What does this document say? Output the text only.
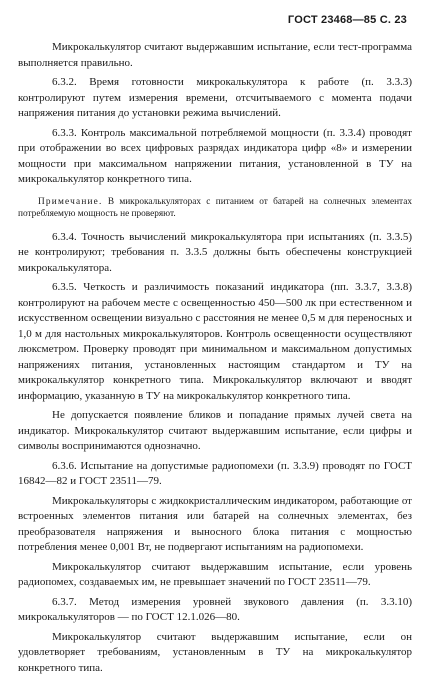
ГОСТ 23468—85 С. 23

Микрокалькулятор считают выдержавшим испытание, если тест-программа выполняется правильно.

6.3.2. Время готовности микрокалькулятора к работе (п. 3.3.3) контролируют путем измерения времени, отсчитываемого с момента подачи напряжения питания до установки режима вычислений.

6.3.3. Контроль максимальной потребляемой мощности (п. 3.3.4) проводят при отображении во всех цифровых разрядах индикатора цифр «8» и измерении мощности при максимальном напряжении питания, установленной в ТУ на микрокалькулятор конкретного типа.

Примечание. В микрокалькуляторах с питанием от батарей на солнечных элементах потребляемую мощность не проверяют.

6.3.4. Точность вычислений микрокалькулятора при испытаниях (п. 3.3.5) не контролируют; требования п. 3.3.5 должны быть обеспечены конструкцией микрокалькулятора.

6.3.5. Четкость и различимость показаний индикатора (пп. 3.3.7, 3.3.8) контролируют на рабочем месте с освещенностью 450—500 лк при естественном и искусственном освещении визуально с расстояния не менее 0,5 м для переносных и 1,0 м для настольных микрокалькуляторов. Контроль освещенности осуществляют люксметром. Проверку проводят при минимальном и максимальном допустимых напряжениях питания, установленных настоящим стандартом и ТУ на микрокалькулятор конкретного типа. Микрокалькулятор включают и вводят информацию, указанную в ТУ на микрокалькулятор конкретного типа.

Не допускается появление бликов и попадание прямых лучей света на индикатор. Микрокалькулятор считают выдержавшим испытание, если цифры и символы воспринимаются однозначно.

6.3.6. Испытание на допустимые радиопомехи (п. 3.3.9) проводят по ГОСТ 16842—82 и ГОСТ 23511—79.

Микрокалькуляторы с жидкокристаллическим индикатором, работающие от встроенных элементов питания или батарей на солнечных элементах, без преобразователя напряжения и выносного блока питания с мощностью потребления менее 0,001 Вт, не подвергают испытаниям на радиопомехи.

Микрокалькулятор считают выдержавшим испытание, если уровень радиопомех, создаваемых им, не превышает значений по ГОСТ 23511—79.

6.3.7. Метод измерения уровней звукового давления (п. 3.3.10) микрокалькуляторов — по ГОСТ 12.1.026—80.

Микрокалькулятор считают выдержавшим испытание, если он удовлетворяет требованиям, установленным в ТУ на микрокалькулятор конкретного типа.
